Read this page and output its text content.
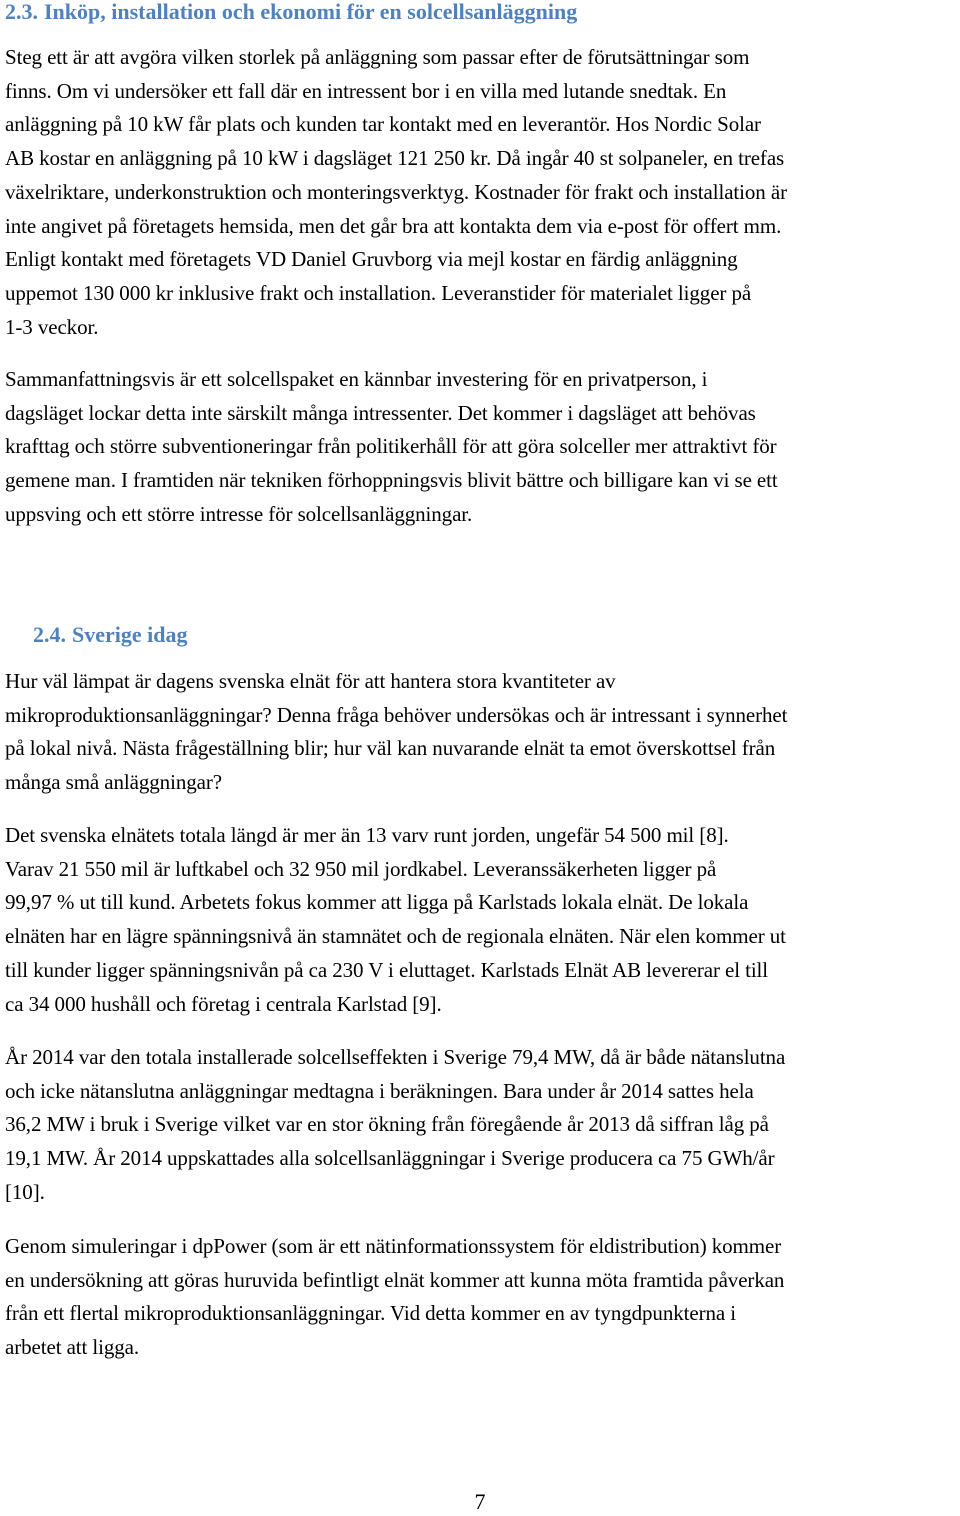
2.3. Inköp, installation och ekonomi för en solcellsanläggning

Steg ett är att avgöra vilken storlek på anläggning som passar efter de förutsättningar som
finns. Om vi undersöker ett fall där en intressent bor i en villa med lutande snedtak. En
anläggning på 10 kW får plats och kunden tar kontakt med en leverantör. Hos Nordic Solar
AB kostar en anläggning på 10 kW i dagsläget 121 250 kr. Då ingår 40 st solpaneler, en trefas
växelriktare, underkonstruktion och monteringsverktyg. Kostnader för frakt och installation är
inte angivet på företagets hemsida, men det går bra att kontakta dem via e-post för offert mm.
Enligt kontakt med företagets VD Daniel Gruvborg via mejl kostar en färdig anläggning
uppemot 130 000 kr inklusive frakt och installation. Leveranstider för materialet ligger på
1-3 veckor.

Sammanfattningsvis är ett solcellspaket en kännbar investering för en privatperson, i
dagsläget lockar detta inte särskilt många intressenter. Det kommer i dagsläget att behövas
krafttag och större subventioneringar från politikerhåll för att göra solceller mer attraktivt för
gemene man. I framtiden när tekniken förhoppningsvis blivit bättre och billigare kan vi se ett
uppsving och ett större intresse för solcellsanläggningar.

2.4. Sverige idag

Hur väl lämpat är dagens svenska elnät för att hantera stora kvantiteter av
mikroproduktionsanläggningar? Denna fråga behöver undersökas och är intressant i synnerhet
på lokal nivå. Nästa frågeställning blir; hur väl kan nuvarande elnät ta emot överskottsel från
många små anläggningar?

Det svenska elnätets totala längd är mer än 13 varv runt jorden, ungefär 54 500 mil [8].
Varav 21 550 mil är luftkabel och 32 950 mil jordkabel. Leveranssäkerheten ligger på
99,97 % ut till kund. Arbetets fokus kommer att ligga på Karlstads lokala elnät. De lokala
elnäten har en lägre spänningsnivå än stamnätet och de regionala elnäten. När elen kommer ut
till kunder ligger spänningsnivån på ca 230 V i eluttaget. Karlstads Elnät AB levererar el till
ca 34 000 hushåll och företag i centrala Karlstad [9].

År 2014 var den totala installerade solcellseffekten i Sverige 79,4 MW, då är både nätanslutna
och icke nätanslutna anläggningar medtagna i beräkningen. Bara under år 2014 sattes hela
36,2 MW i bruk i Sverige vilket var en stor ökning från föregående år 2013 då siffran låg på
19,1 MW. År 2014 uppskattades alla solcellsanläggningar i Sverige producera ca 75 GWh/år
[10].

Genom simuleringar i dpPower (som är ett nätinformationssystem för eldistribution) kommer
en undersökning att göras huruvida befintligt elnät kommer att kunna möta framtida påverkan
från ett flertal mikroproduktionsanläggningar. Vid detta kommer en av tyngdpunkterna i
arbetet att ligga.

7
